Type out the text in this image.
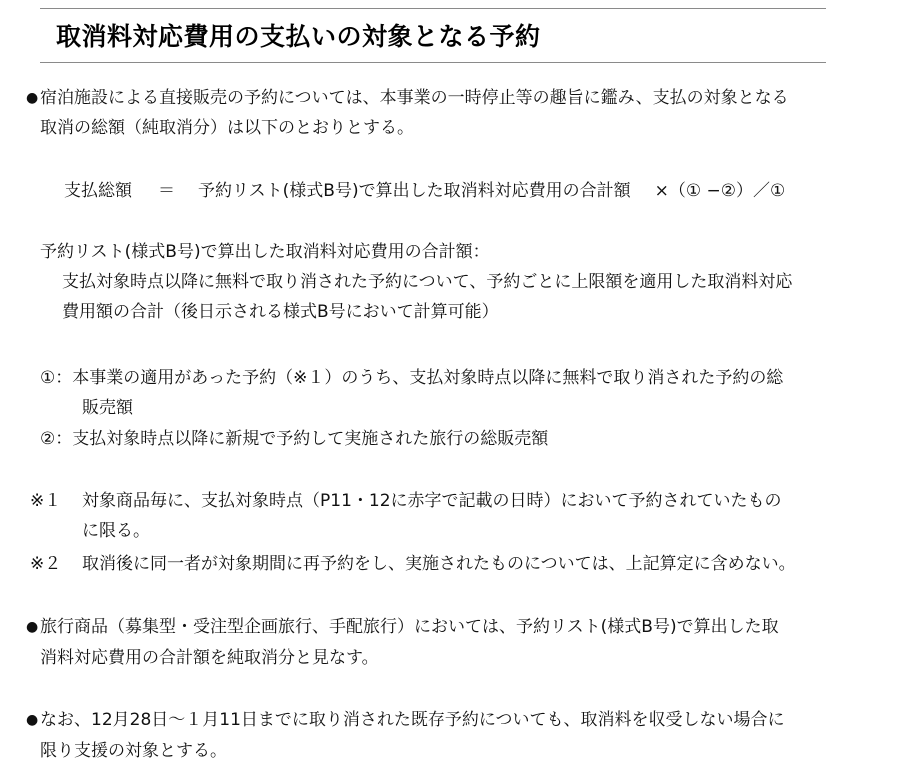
取消料対応費用の支払いの対象となる予約
● 宿泊施設による直接販売の予約については、本事業の一時停止等の趣旨に鑑み、支払の対象となる
取消の総額（純取消分）は以下のとおりとする。
支払総額 ＝ 予約リスト(様式B号)で算出した取消料対応費用の合計額 ×（① −②）／①
予約リスト(様式B号)で算出した取消料対応費用の合計額：
支払対象時点以降に無料で取り消された予約について、予約ごとに上限額を適用した取消料対応
費用額の合計（後日示される様式B号において計算可能）
①：本事業の適用があった予約（※１）のうち、支払対象時点以降に無料で取り消された予約の総
販売額
②：支払対象時点以降に新規で予約して実施された旅行の総販売額
※１ 対象商品毎に、支払対象時点（P11・12に赤字で記載の日時）において予約されていたもの
に限る。
※２ 取消後に同一者が対象期間に再予約をし、実施されたものについては、上記算定に含めない。
● 旅行商品（募集型・受注型企画旅行、手配旅行）においては、予約リスト(様式B号)で算出した取
消料対応費用の合計額を純取消分と見なす。
● なお、12月28日〜１月11日までに取り消された既存予約についても、取消料を収受しない場合に
限り支援の対象とする。
